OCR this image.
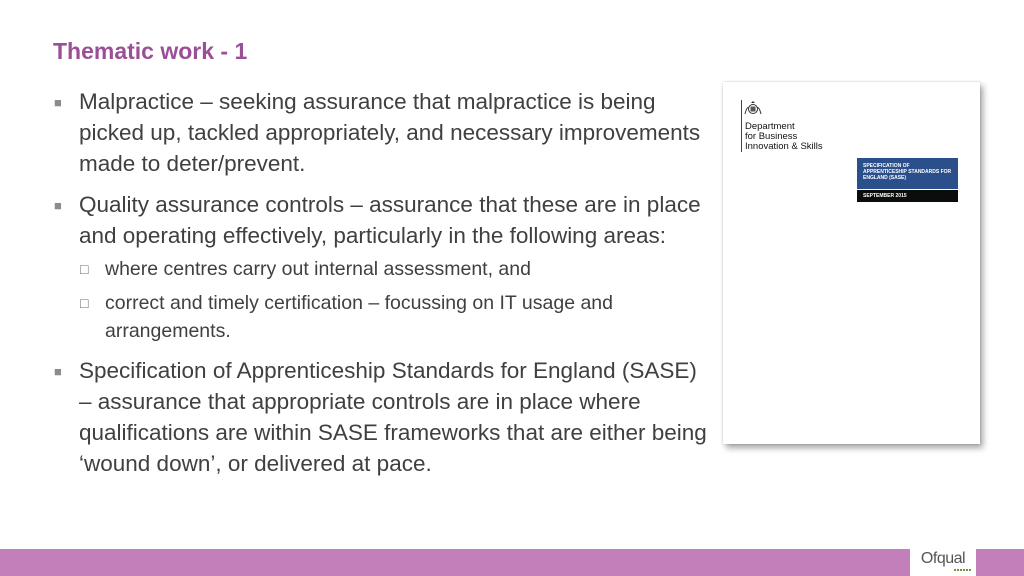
Thematic work - 1
■ Malpractice – seeking assurance that malpractice is being picked up, tackled appropriately, and necessary improvements made to deter/prevent.
■ Quality assurance controls – assurance that these are in place and operating effectively, particularly in the following areas:
□ where centres carry out internal assessment, and
□ correct and timely certification – focussing on IT usage and arrangements.
■ Specification of Apprenticeship Standards for England (SASE) – assurance that appropriate controls are in place where qualifications are within SASE frameworks that are either being ‘wound down’, or delivered at pace.
Department
for Business
Innovation & Skills
SPECIFICATION OF APPRENTICESHIP STANDARDS FOR ENGLAND (SASE)
SEPTEMBER 2015
Ofqual
